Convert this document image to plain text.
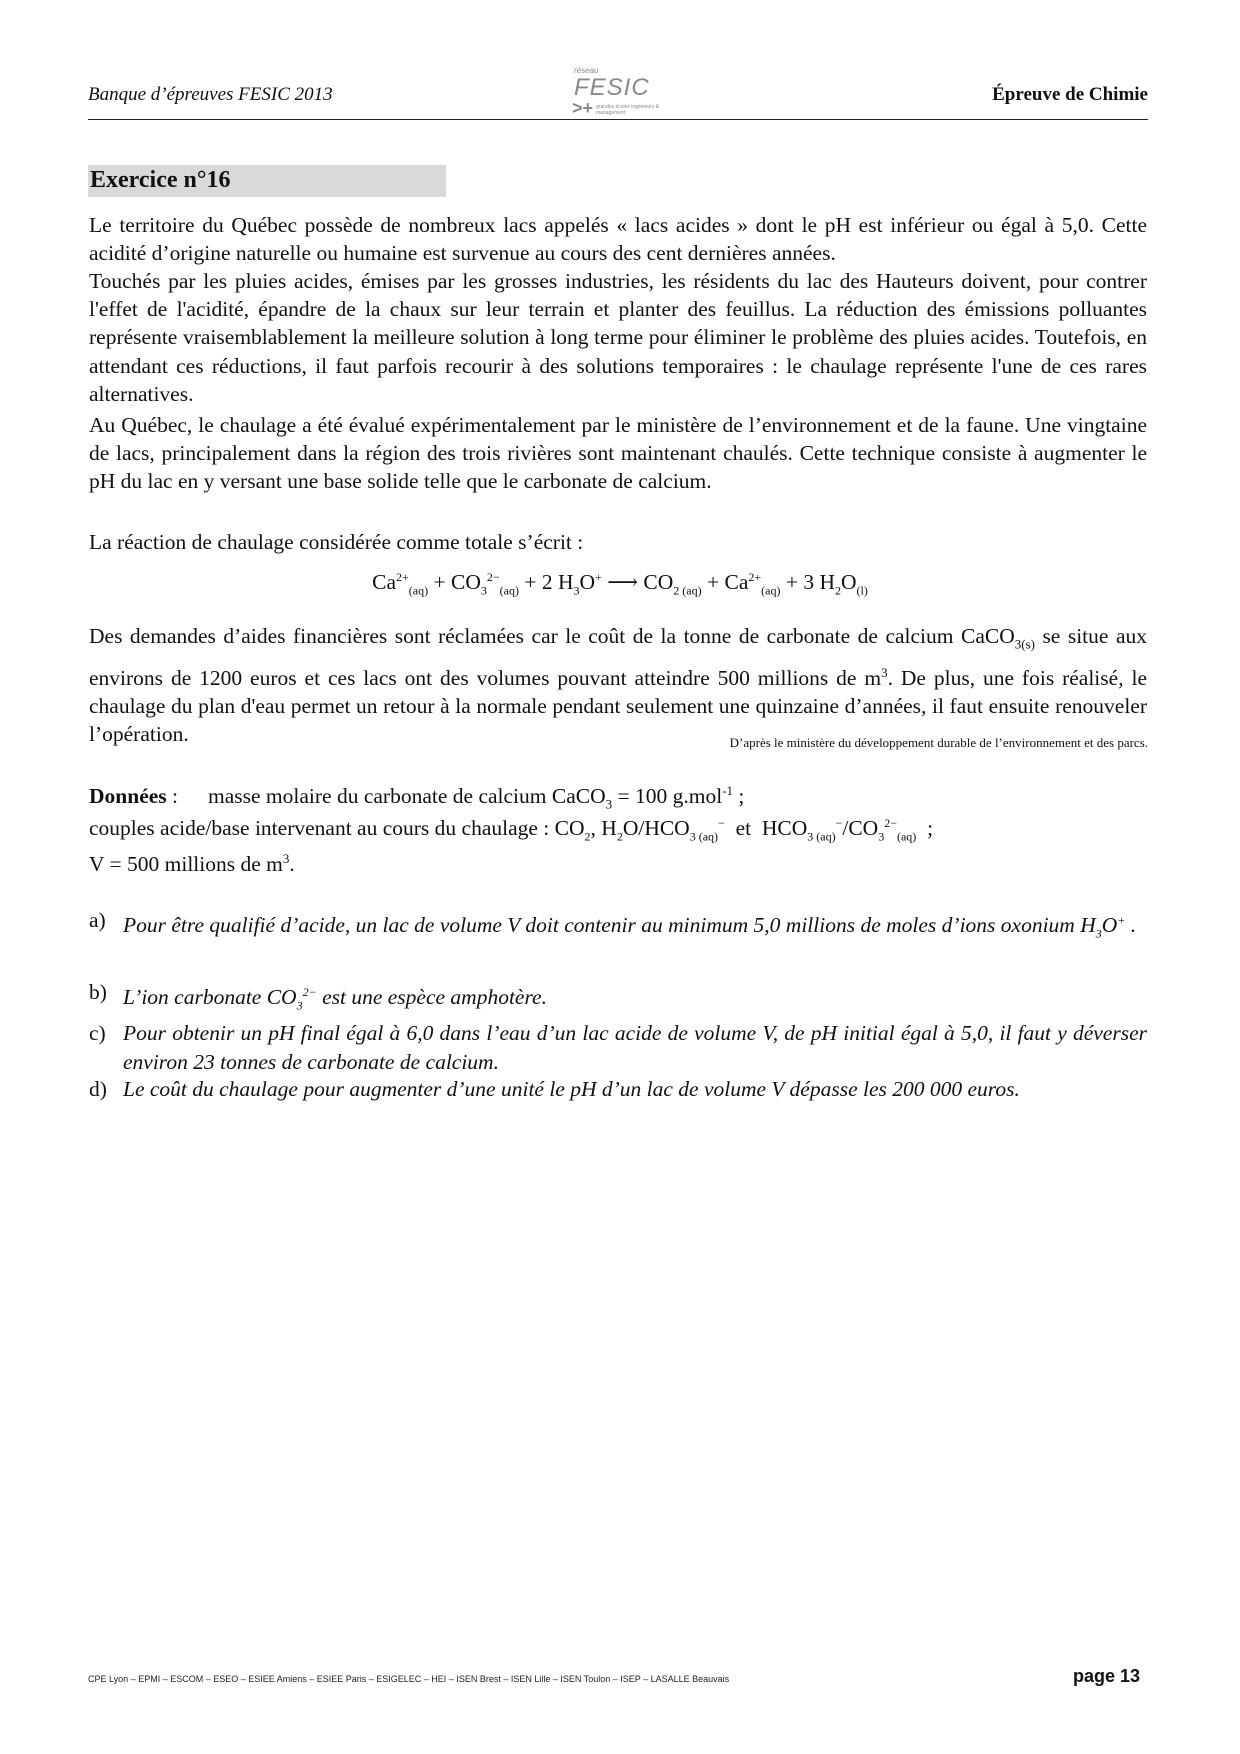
Banque d’épreuves FESIC 2013
réseau
FESIC
>+ grandes écoles ingénieurs & management
Épreuve de Chimie
Exercice n°16
Le territoire du Québec possède de nombreux lacs appelés « lacs acides » dont le pH est inférieur ou égal à 5,0. Cette acidité d’origine naturelle ou humaine est survenue au cours des cent dernières années.
Touchés par les pluies acides, émises par les grosses industries, les résidents du lac des Hauteurs doivent, pour contrer l'effet de l'acidité, épandre de la chaux sur leur terrain et planter des feuillus. La réduction des émissions polluantes représente vraisemblablement la meilleure solution à long terme pour éliminer le problème des pluies acides. Toutefois, en attendant ces réductions, il faut parfois recourir à des solutions temporaires : le chaulage représente l'une de ces rares alternatives.
Au Québec, le chaulage a été évalué expérimentalement par le ministère de l’environnement et de la faune. Une vingtaine de lacs, principalement dans la région des trois rivières sont maintenant chaulés. Cette technique consiste à augmenter le pH du lac en y versant une base solide telle que le carbonate de calcium.
La réaction de chaulage considérée comme totale s’écrit :
$Ca^{2+}_{(aq)} + CO_3^{2-}_{(aq)} + 2$ $H_3O^+$ ⟶ $CO_{2 (aq)} + Ca^{2+}_{(aq)} + 3$ $H_2O_{(l)}$
Des demandes d’aides financières sont réclamées car le coût de la tonne de carbonate de calcium CaCO$_{3(s)}$ se situe aux environs de 1200 euros et ces lacs ont des volumes pouvant atteindre 500 millions de $m^3$. De plus, une fois réalisé, le chaulage du plan d'eau permet un retour à la normale pendant seulement une quinzaine d’années, il faut ensuite renouveler l’opération.	D’après le ministère du développement durable de l’environnement et des parcs.
Données : masse molaire du carbonate de calcium CaCO$_3$ = 100 g.mol$^{-1}$ ;
couples acide/base intervenant au cours du chaulage : $CO_2$, $H_2O/HCO_{3 (aq)}^-$  et  $HCO_{3 (aq)}^-/CO_3^{2-}_{(aq)}$  ;
V = 500 millions de $m^3$.
a) Pour être qualifié d’acide, un lac de volume V doit contenir au minimum 5,0 millions de moles d’ions oxonium $H_3O^+$ .
b) L’ion carbonate $CO_3^{2-}$ est une espèce amphotère.
c) Pour obtenir un pH final égal à 6,0 dans l’eau d’un lac acide de volume V, de pH initial égal à 5,0, il faut y déverser environ 23 tonnes de carbonate de calcium.
d) Le coût du chaulage pour augmenter d’une unité le pH d’un lac de volume V dépasse les 200 000 euros.
CPE Lyon – EPMI – ESCOM – ESEO – ESIEE Amiens – ESIEE Paris – ESIGELEC – HEI – ISEN Brest – ISEN Lille – ISEN Toulon – ISEP – LASALLE Beauvais	page 13
